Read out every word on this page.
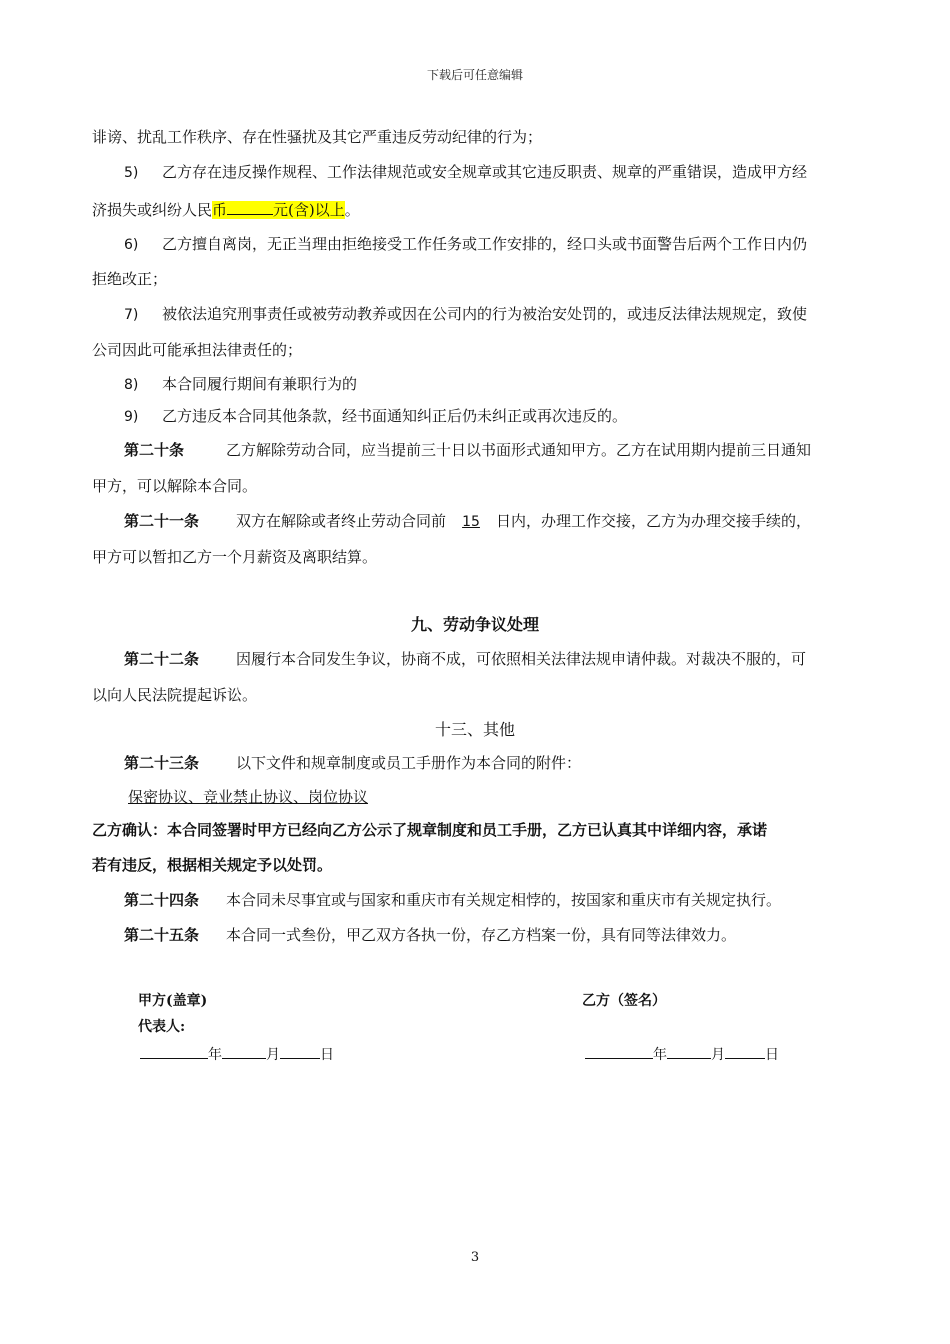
下载后可任意编辑
诽谤、扰乱工作秩序、存在性骚扰及其它严重违反劳动纪律的行为；
5) 乙方存在违反操作规程、工作法律规范或安全规章或其它违反职责、规章的严重错误，造成甲方经
济损失或纠纷人民币	元(含)以上。
6) 乙方擅自离岗，无正当理由拒绝接受工作任务或工作安排的，经口头或书面警告后两个工作日内仍
拒绝改正；
7) 被依法追究刑事责任或被劳动教养或因在公司内的行为被治安处罚的，或违反法律法规规定，致使
公司因此可能承担法律责任的；
8) 本合同履行期间有兼职行为的
9) 乙方违反本合同其他条款，经书面通知纠正后仍未纠正或再次违反的。
第二十条	乙方解除劳动合同，应当提前三十日以书面形式通知甲方。乙方在试用期内提前三日通知
甲方，可以解除本合同。
第二十一条 双方在解除或者终止劳动合同前 15 日内，办理工作交接，乙方为办理交接手续的，
甲方可以暂扣乙方一个月薪资及离职结算。
九、劳动争议处理
第二十二条 因履行本合同发生争议，协商不成，可依照相关法律法规申请仲裁。对裁决不服的，可
以向人民法院提起诉讼。
十三、其他
第二十三条 以下文件和规章制度或员工手册作为本合同的附件：
保密协议、竞业禁止协议、岗位协议
乙方确认：本合同签署时甲方已经向乙方公示了规章制度和员工手册，乙方已认真其中详细内容，承诺
若有违反，根据相关规定予以处罚。
第二十四条 本合同未尽事宜或与国家和重庆市有关规定相悖的，按国家和重庆市有关规定执行。
第二十五条 本合同一式叁份，甲乙双方各执一份，存乙方档案一份，具有同等法律效力。
甲方(盖章)
代表人:
年	月	日
乙方（签名）
年	月	日
3
